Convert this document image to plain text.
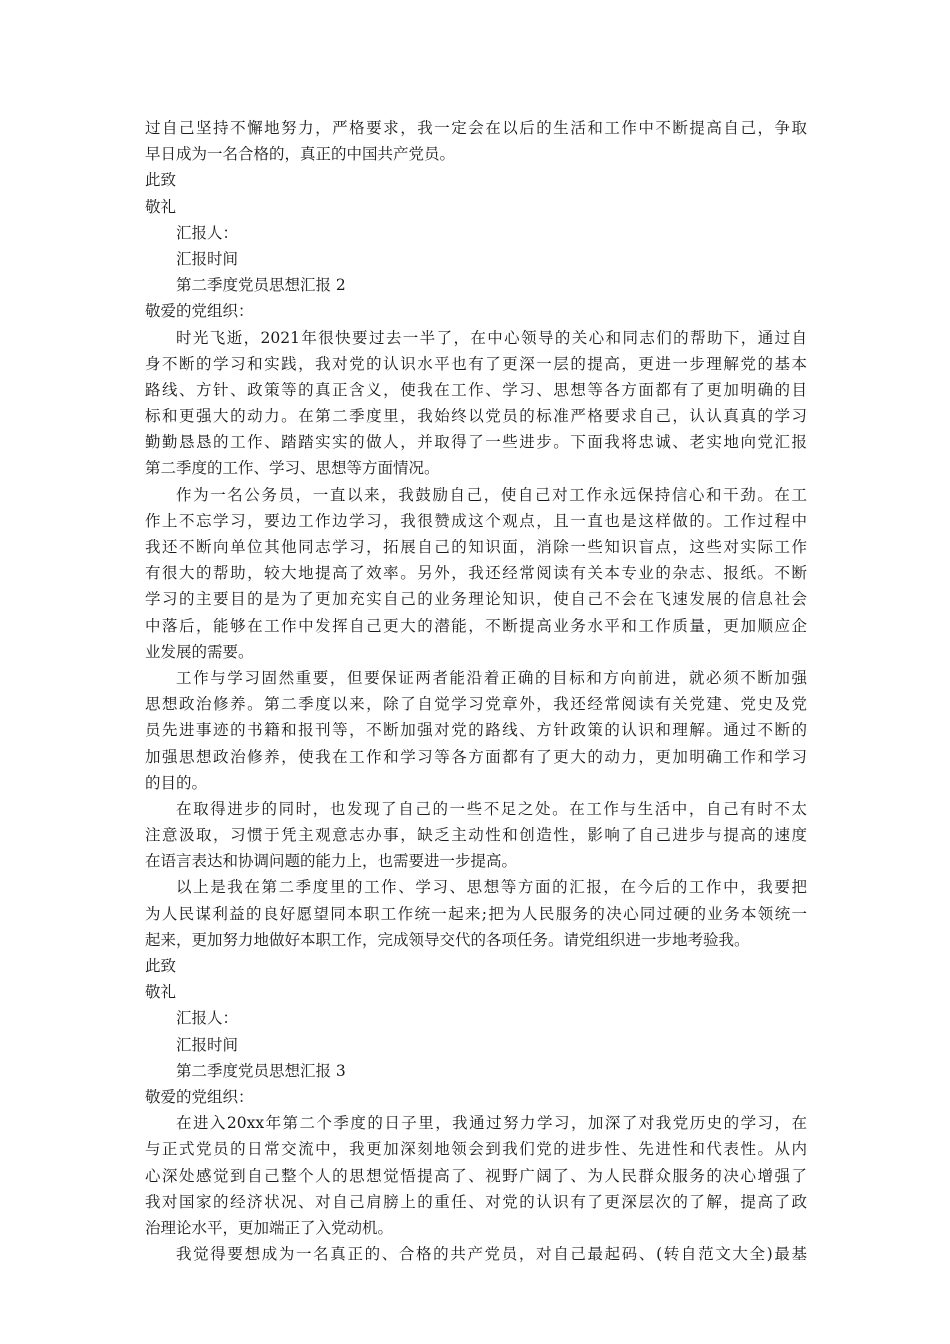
过自己坚持不懈地努力，严格要求，我一定会在以后的生活和工作中不断提高自己，争取
早日成为一名合格的，真正的中国共产党员。
此致
敬礼
汇报人：
汇报时间
第二季度党员思想汇报 2
敬爱的党组织：
时光飞逝，2021年很快要过去一半了，在中心领导的关心和同志们的帮助下，通过自
身不断的学习和实践，我对党的认识水平也有了更深一层的提高，更进一步理解党的基本
路线、方针、政策等的真正含义，使我在工作、学习、思想等各方面都有了更加明确的目
标和更强大的动力。在第二季度里，我始终以党员的标准严格要求自己，认认真真的学习
勤勤恳恳的工作、踏踏实实的做人，并取得了一些进步。下面我将忠诚、老实地向党汇报
第二季度的工作、学习、思想等方面情况。
作为一名公务员，一直以来，我鼓励自己，使自己对工作永远保持信心和干劲。在工
作上不忘学习，要边工作边学习，我很赞成这个观点，且一直也是这样做的。工作过程中
我还不断向单位其他同志学习，拓展自己的知识面，消除一些知识盲点，这些对实际工作
有很大的帮助，较大地提高了效率。另外，我还经常阅读有关本专业的杂志、报纸。不断
学习的主要目的是为了更加充实自己的业务理论知识，使自己不会在飞速发展的信息社会
中落后，能够在工作中发挥自己更大的潜能，不断提高业务水平和工作质量，更加顺应企
业发展的需要。
工作与学习固然重要，但要保证两者能沿着正确的目标和方向前进，就必须不断加强
思想政治修养。第二季度以来，除了自觉学习党章外，我还经常阅读有关党建、党史及党
员先进事迹的书籍和报刊等，不断加强对党的路线、方针政策的认识和理解。通过不断的
加强思想政治修养，使我在工作和学习等各方面都有了更大的动力，更加明确工作和学习
的目的。
在取得进步的同时，也发现了自己的一些不足之处。在工作与生活中，自己有时不太
注意汲取，习惯于凭主观意志办事，缺乏主动性和创造性，影响了自己进步与提高的速度
在语言表达和协调问题的能力上，也需要进一步提高。
以上是我在第二季度里的工作、学习、思想等方面的汇报，在今后的工作中，我要把
为人民谋利益的良好愿望同本职工作统一起来;把为人民服务的决心同过硬的业务本领统一
起来，更加努力地做好本职工作，完成领导交代的各项任务。请党组织进一步地考验我。
此致
敬礼
汇报人：
汇报时间
第二季度党员思想汇报 3
敬爱的党组织：
在进入20xx年第二个季度的日子里，我通过努力学习，加深了对我党历史的学习，在
与正式党员的日常交流中，我更加深刻地领会到我们党的进步性、先进性和代表性。从内
心深处感觉到自己整个人的思想觉悟提高了、视野广阔了、为人民群众服务的决心增强了
我对国家的经济状况、对自己肩膀上的重任、对党的认识有了更深层次的了解，提高了政
治理论水平，更加端正了入党动机。
我觉得要想成为一名真正的、合格的共产党员，对自己最起码、(转自范文大全)最基
